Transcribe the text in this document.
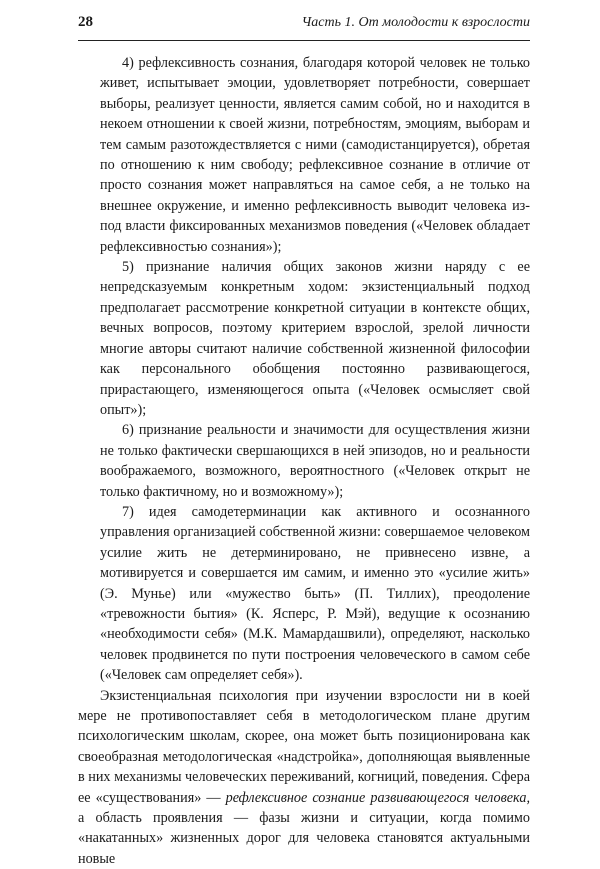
28	Часть 1. От молодости к взрослости

4) рефлексивность сознания, благодаря которой человек не только живет, испытывает эмоции, удовлетворяет потребности, совершает выборы, реализует ценности, является самим собой, но и находится в некоем отношении к своей жизни, потребностям, эмоциям, выборам и тем самым разотождествляется с ними (самодистанцируется), обретая по отношению к ним свободу; рефлексивное сознание в отличие от просто сознания может направляться на самое себя, а не только на внешнее окружение, и именно рефлексивность выводит человека из-под власти фиксированных механизмов поведения («Человек обладает рефлексивностью сознания»);

5) признание наличия общих законов жизни наряду с ее непредсказуемым конкретным ходом: экзистенциальный подход предполагает рассмотрение конкретной ситуации в контексте общих, вечных вопросов, поэтому критерием взрослой, зрелой личности многие авторы считают наличие собственной жизненной философии как персонального обобщения постоянно развивающегося, прирастающего, изменяющегося опыта («Человек осмысляет свой опыт»);

6) признание реальности и значимости для осуществления жизни не только фактически свершающихся в ней эпизодов, но и реальности воображаемого, возможного, вероятностного («Человек открыт не только фактичному, но и возможному»);

7) идея самодетерминации как активного и осознанного управления организацией собственной жизни: совершаемое человеком усилие жить не детерминировано, не привнесено извне, а мотивируется и совершается им самим, и именно это «усилие жить» (Э. Мунье) или «мужество быть» (П. Тиллих), преодоление «тревожности бытия» (К. Ясперс, Р. Мэй), ведущие к осознанию «необходимости себя» (М.К. Мамардашвили), определяют, насколько человек продвинется по пути построения человеческого в самом себе («Человек сам определяет себя»).

Экзистенциальная психология при изучении взрослости ни в коей мере не противопоставляет себя в методологическом плане другим психологическим школам, скорее, она может быть позиционирована как своеобразная методологическая «надстройка», дополняющая выявленные в них механизмы человеческих переживаний, когниций, поведения. Сфера ее «существования» — рефлексивное сознание развивающегося человека, а область проявления — фазы жизни и ситуации, когда помимо «накатанных» жизненных дорог для человека становятся актуальными новые
